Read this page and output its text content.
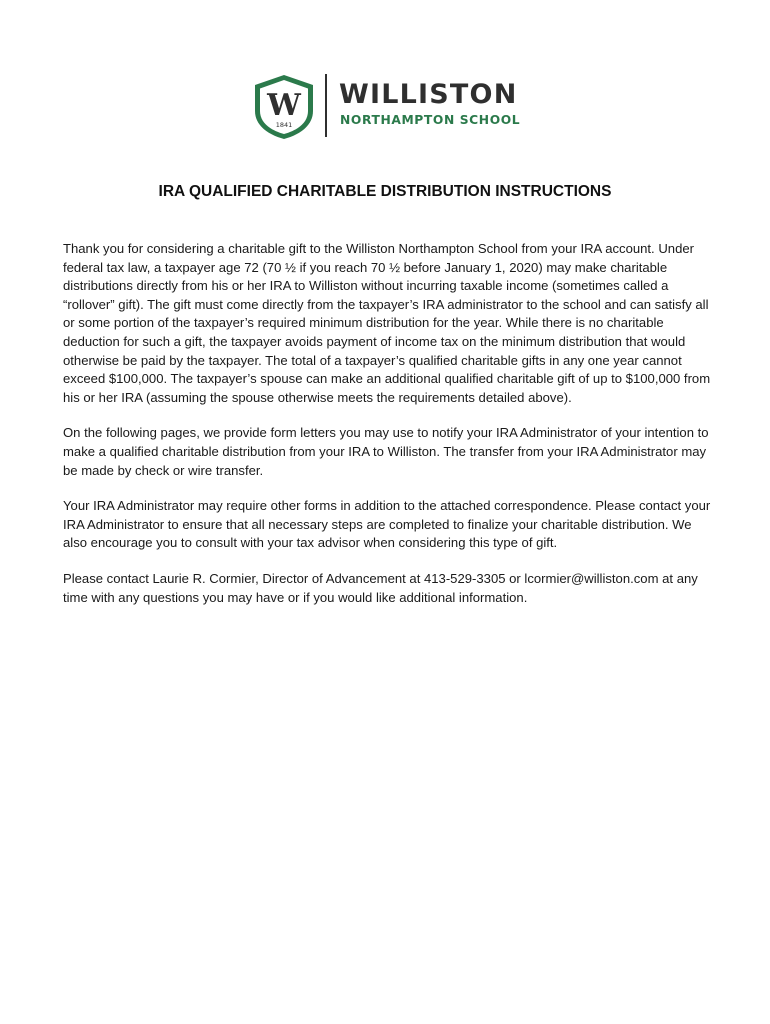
W
1841
WILLISTON
NORTHAMPTON SCHOOL
IRA QUALIFIED CHARITABLE DISTRIBUTION INSTRUCTIONS

Thank you for considering a charitable gift to the Williston Northampton School from your IRA account. Under federal tax law, a taxpayer age 72 (70 ½ if you reach 70 ½ before January 1, 2020) may make charitable distributions directly from his or her IRA to Williston without incurring taxable income (sometimes called a “rollover” gift). The gift must come directly from the taxpayer’s IRA administrator to the school and can satisfy all or some portion of the taxpayer’s required minimum distribution for the year. While there is no charitable deduction for such a gift, the taxpayer avoids payment of income tax on the minimum distribution that would otherwise be paid by the taxpayer. The total of a taxpayer’s qualified charitable gifts in any one year cannot exceed $100,000. The taxpayer’s spouse can make an additional qualified charitable gift of up to $100,000 from his or her IRA (assuming the spouse otherwise meets the requirements detailed above).

On the following pages, we provide form letters you may use to notify your IRA Administrator of your intention to make a qualified charitable distribution from your IRA to Williston. The transfer from your IRA Administrator may be made by check or wire transfer.

Your IRA Administrator may require other forms in addition to the attached correspondence. Please contact your IRA Administrator to ensure that all necessary steps are completed to finalize your charitable distribution. We also encourage you to consult with your tax advisor when considering this type of gift.

Please contact Laurie R. Cormier, Director of Advancement at 413-529-3305 or lcormier@williston.com at any time with any questions you may have or if you would like additional information.
